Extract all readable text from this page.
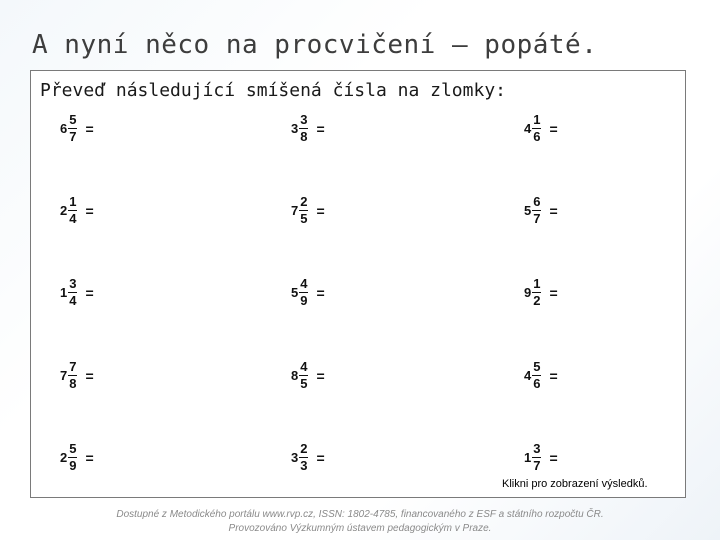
A nyní něco na procvičení – popáté.
Převeď následující smíšená čísla na zlomky:
$6 \frac{5}{7}$ =	$3 \frac{3}{8}$ =	$4 \frac{1}{6}$ =
$2 \frac{1}{4}$ =	$7 \frac{2}{5}$ =	$5 \frac{6}{7}$ =
$1 \frac{3}{4}$ =	$5 \frac{4}{9}$ =	$9 \frac{1}{2}$ =
$7 \frac{7}{8}$ =	$8 \frac{4}{5}$ =	$4 \frac{5}{6}$ =
$2 \frac{5}{9}$ =	$3 \frac{2}{3}$ =	$1 \frac{3}{7}$ =
Klikni pro zobrazení výsledků.
Dostupné z Metodického portálu www.rvp.cz, ISSN: 1802-4785, financovaného z ESF a státního rozpočtu ČR.
Provozováno Výzkumným ústavem pedagogickým v Praze.
